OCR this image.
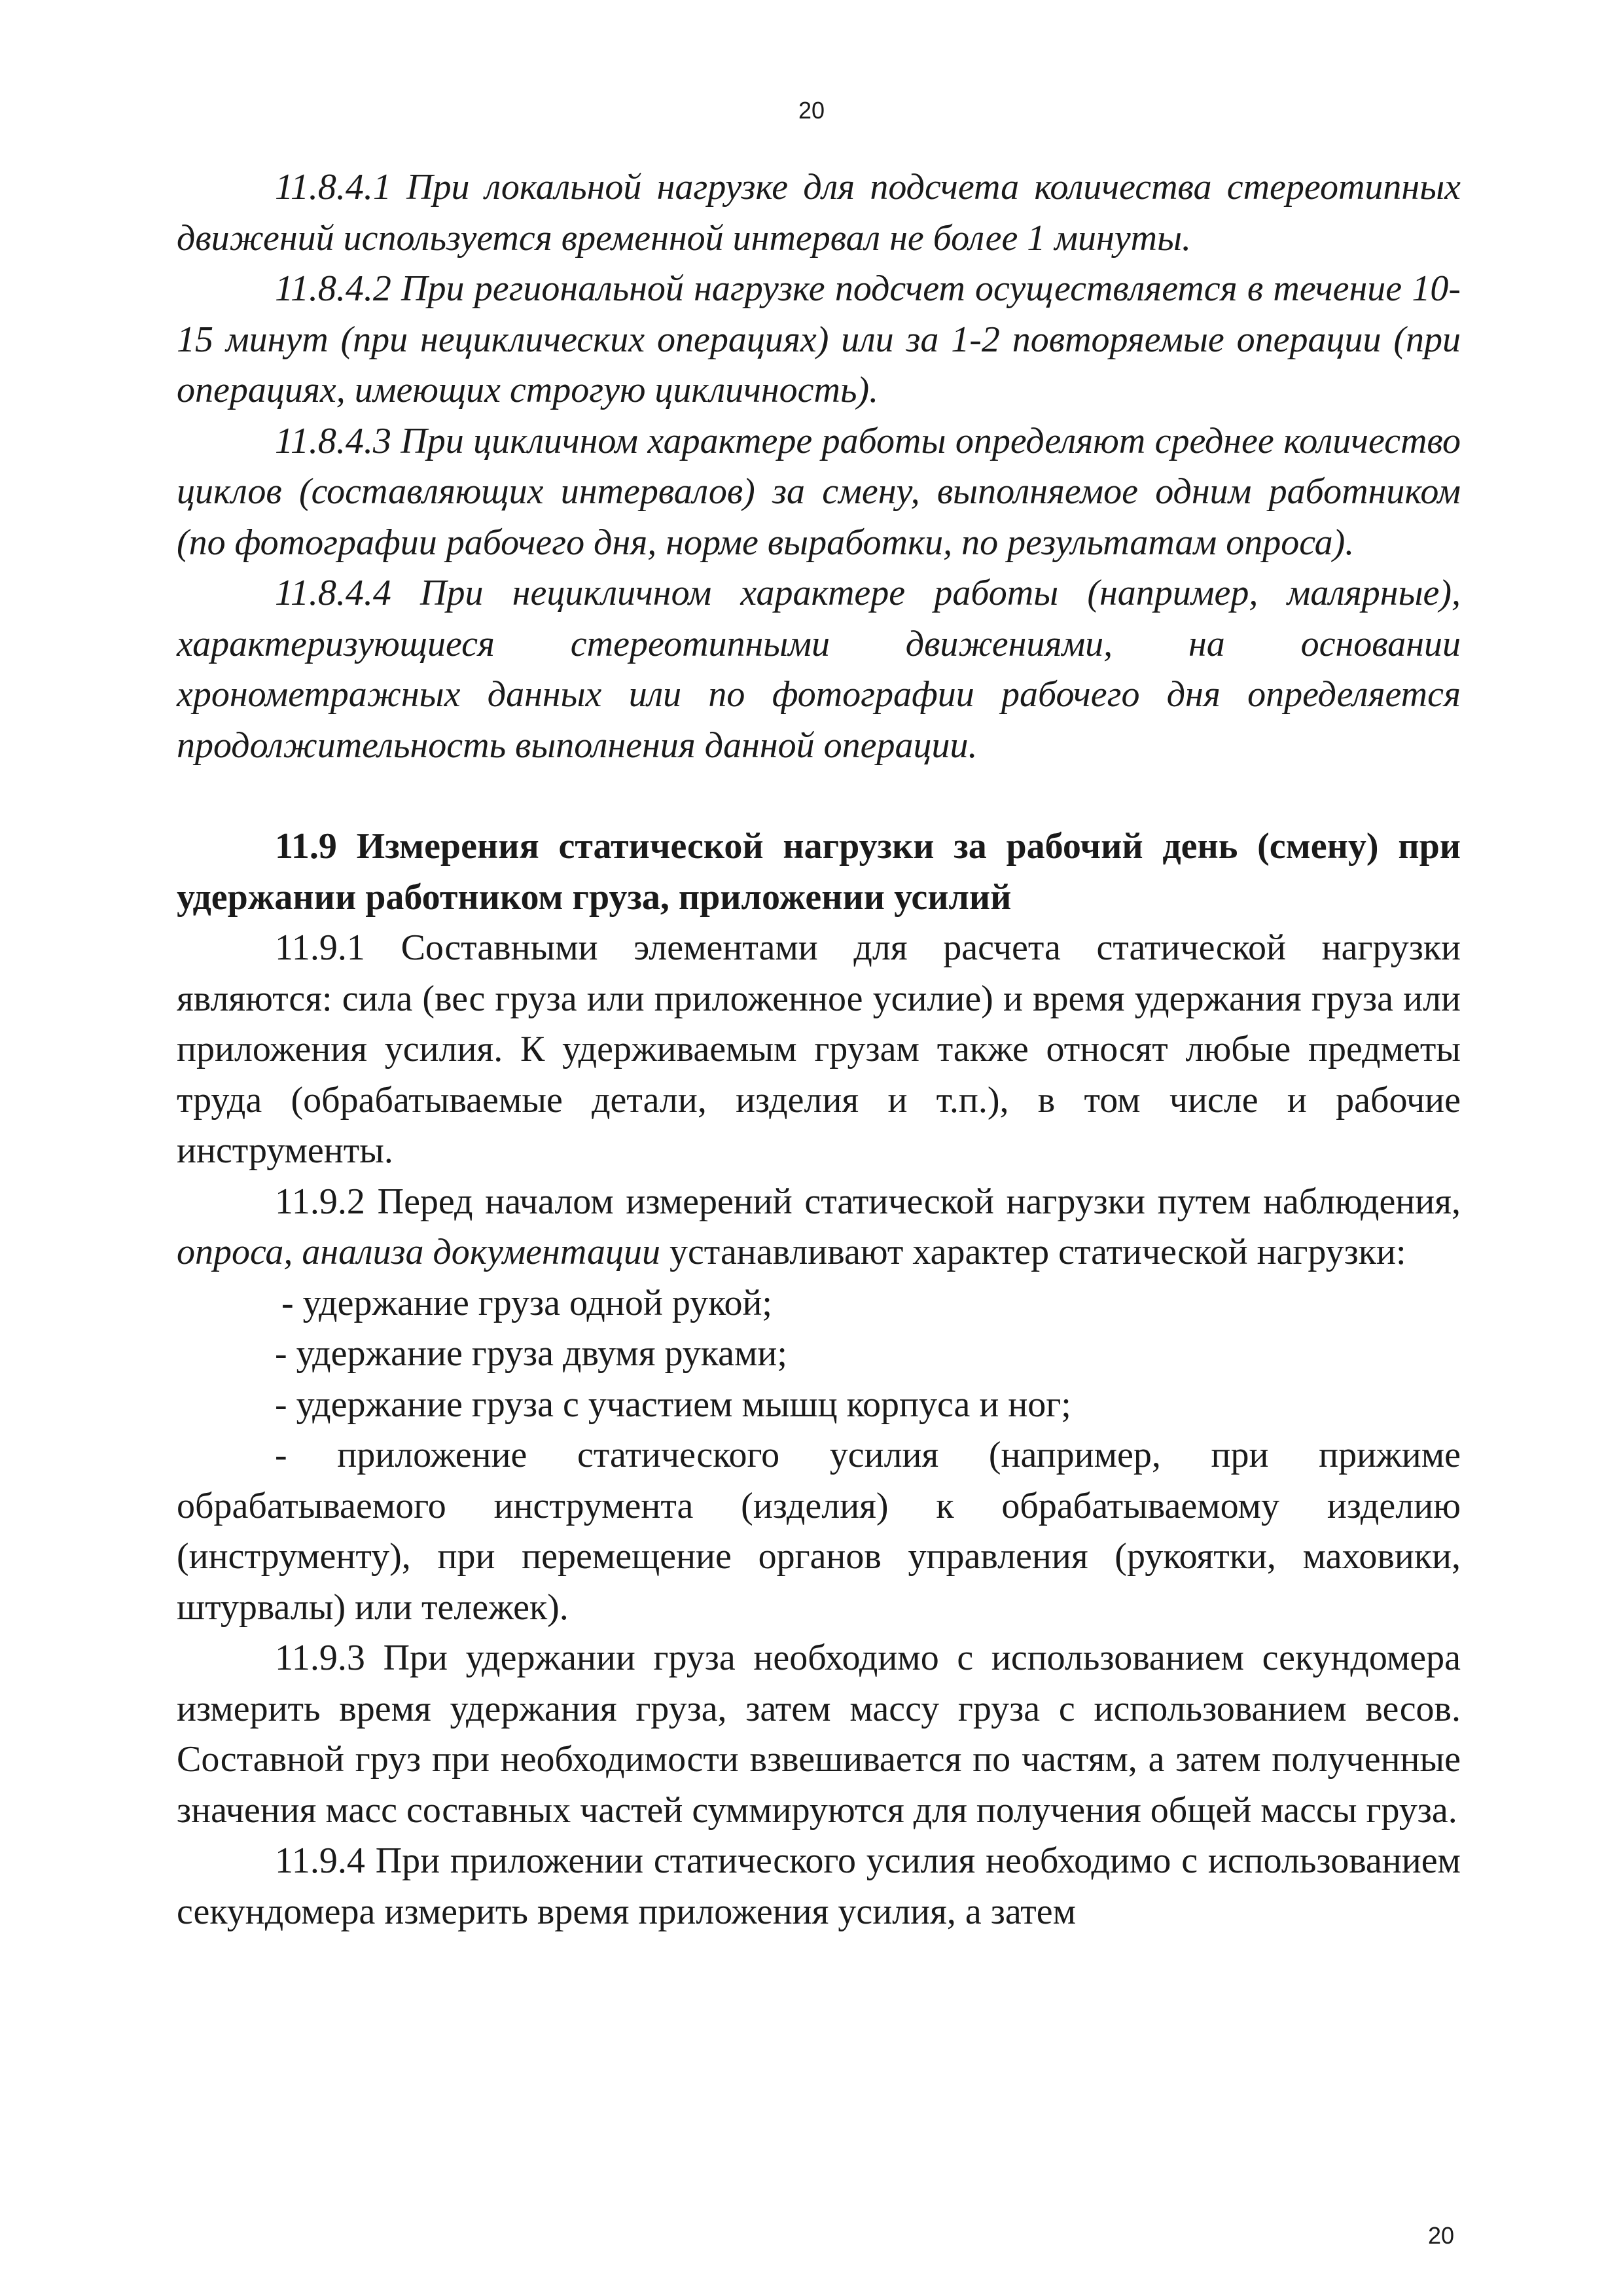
20

11.8.4.1 При локальной нагрузке для подсчета количества стереотипных движений используется временной интервал не более 1 минуты.

11.8.4.2 При региональной нагрузке подсчет осуществляется в течение 10-15 минут (при нециклических операциях) или за 1-2 повторяемые операции (при операциях, имеющих строгую цикличность).

11.8.4.3 При цикличном характере работы определяют среднее количество циклов (составляющих интервалов) за смену, выполняемое одним работником (по фотографии рабочего дня, норме выработки, по результатам опроса).

11.8.4.4 При нецикличном характере работы (например, малярные), характеризующиеся стереотипными движениями, на основании хронометражных данных или по фотографии рабочего дня определяется продолжительность выполнения данной операции.

11.9 Измерения статической нагрузки за рабочий день (смену) при удержании работником груза, приложении усилий

11.9.1 Составными элементами для расчета статической нагрузки являются: сила (вес груза или приложенное усилие) и время удержания груза или приложения усилия. К удерживаемым грузам также относят любые предметы труда (обрабатываемые детали, изделия и т.п.), в том числе и рабочие инструменты.

11.9.2 Перед началом измерений статической нагрузки путем наблюдения, опроса, анализа документации устанавливают характер статической нагрузки:

- удержание груза одной рукой;

- удержание груза двумя руками;

- удержание груза с участием мышц корпуса и ног;

- приложение статического усилия (например, при прижиме обрабатываемого инструмента (изделия) к обрабатываемому изделию (инструменту), при перемещение органов управления (рукоятки, маховики, штурвалы) или тележек).

11.9.3 При удержании груза необходимо с использованием секундомера измерить время удержания груза, затем массу груза с использованием весов. Составной груз при необходимости взвешивается по частям, а затем полученные значения масс составных частей суммируются для получения общей массы груза.

11.9.4 При приложении статического усилия необходимо с использованием секундомера измерить время приложения усилия, а затем

20
